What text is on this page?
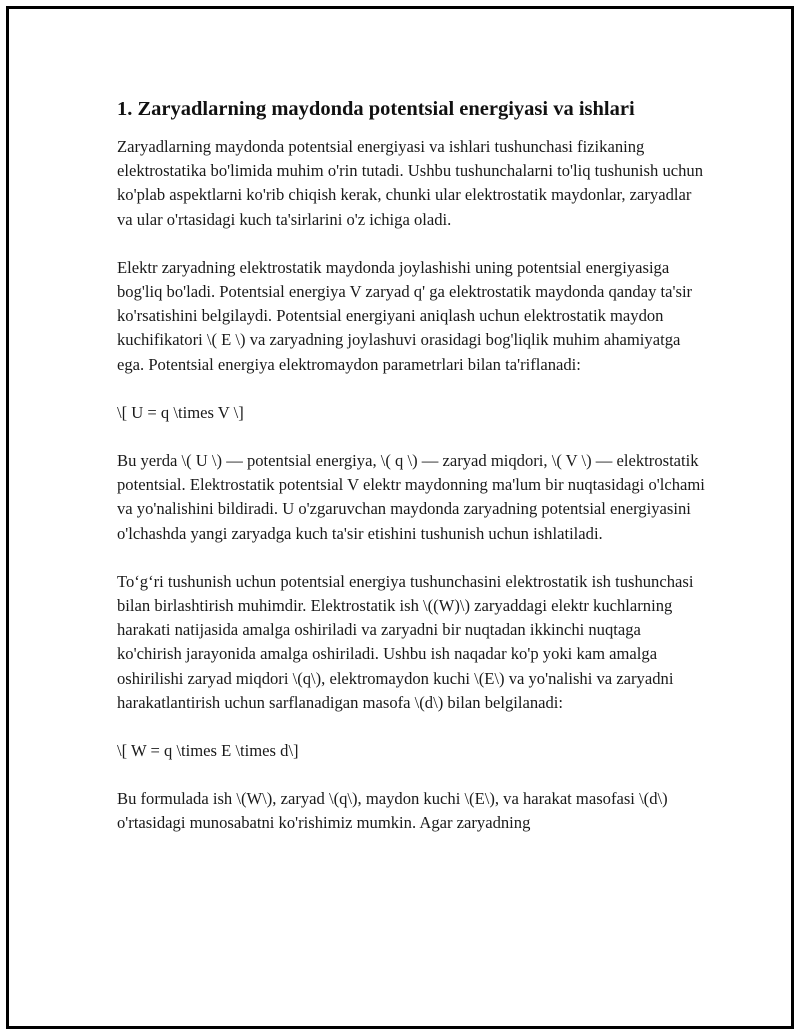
1. Zaryadlarning maydonda potentsial energiyasi va ishlari

Zaryadlarning maydonda potentsial energiyasi va ishlari tushunchasi fizikaning elektrostatika bo'limida muhim o'rin tutadi. Ushbu tushunchalarni to'liq tushunish uchun ko'plab aspektlarni ko'rib chiqish kerak, chunki ular elektrostatik maydonlar, zaryadlar va ular o'rtasidagi kuch ta'sirlarini o'z ichiga oladi.

Elektr zaryadning elektrostatik maydonda joylashishi uning potentsial energiyasiga bog'liq bo'ladi. Potentsial energiya V zaryad q' ga elektrostatik maydonda qanday ta'sir ko'rsatishini belgilaydi. Potentsial energiyani aniqlash uchun elektrostatik maydon kuchifikatori \( E \) va zaryadning joylashuvi orasidagi bog'liqlik muhim ahamiyatga ega. Potentsial energiya elektromaydon parametrlari bilan ta'riflanadi:

\[ U = q \times V \]

Bu yerda \( U \) — potentsial energiya, \( q \) — zaryad miqdori, \( V \) — elektrostatik potentsial. Elektrostatik potentsial V elektr maydonning ma'lum bir nuqtasidagi o'lchami va yo'nalishini bildiradi. U o'zgaruvchan maydonda zaryadning potentsial energiyasini o'lchashda yangi zaryadga kuch ta'sir etishini tushunish uchun ishlatiladi.

To‘g‘ri tushunish uchun potentsial energiya tushunchasini elektrostatik ish tushunchasi bilan birlashtirish muhimdir. Elektrostatik ish \((W)\) zaryaddagi elektr kuchlarning harakati natijasida amalga oshiriladi va zaryadni bir nuqtadan ikkinchi nuqtaga ko'chirish jarayonida amalga oshiriladi. Ushbu ish naqadar ko'p yoki kam amalga oshirilishi zaryad miqdori \(q\), elektromaydon kuchi \(E\) va yo'nalishi va zaryadni harakatlantirish uchun sarflanadigan masofa \(d\) bilan belgilanadi:

\[ W = q \times E \times d\]

Bu formulada ish \(W\), zaryad \(q\), maydon kuchi \(E\), va harakat masofasi \(d\) o'rtasidagi munosabatni ko'rishimiz mumkin. Agar zaryadning
